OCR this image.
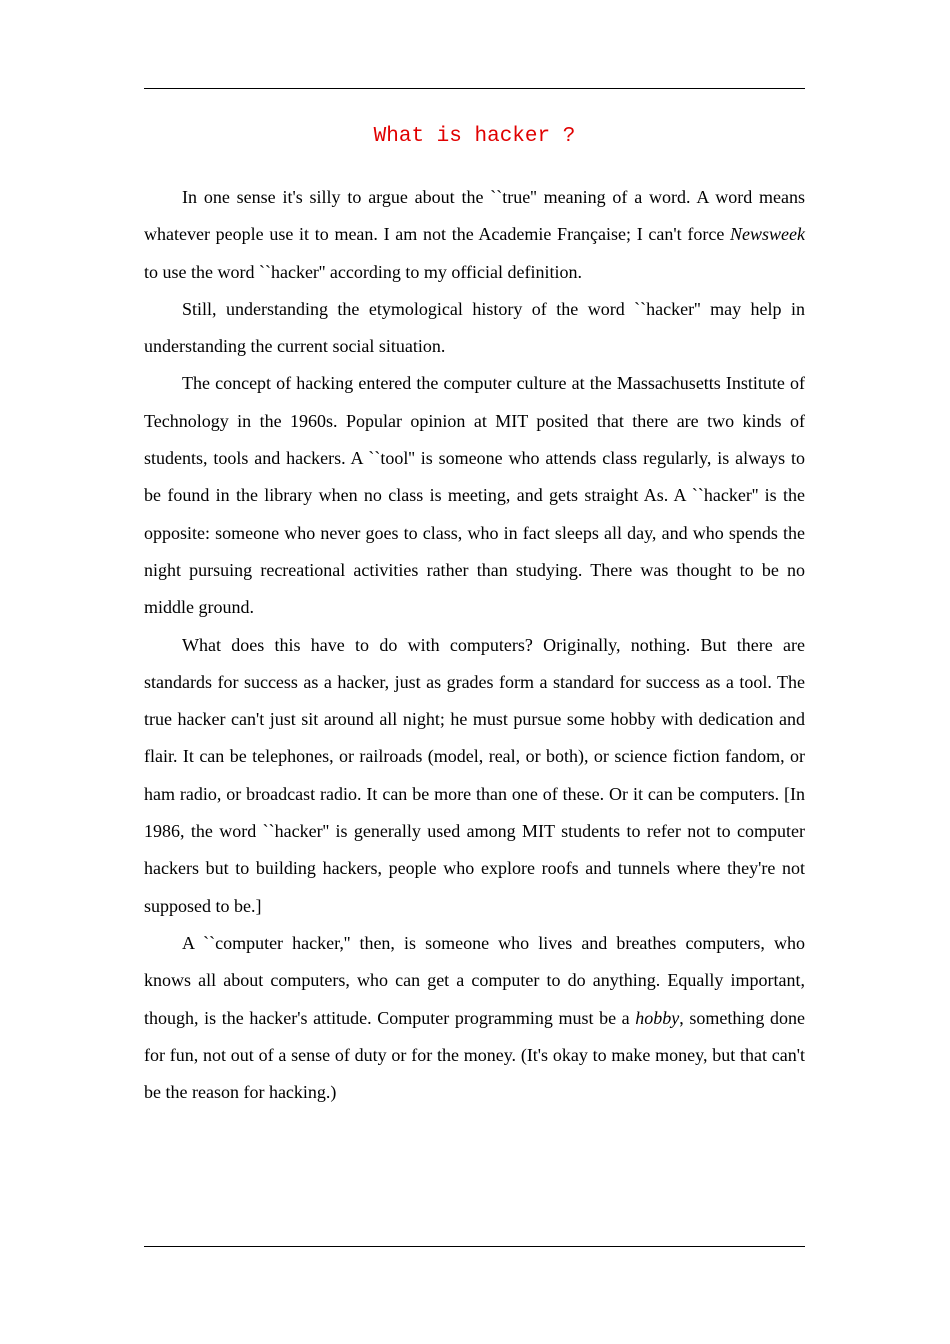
What is hacker ?

In one sense it's silly to argue about the ``true'' meaning of a word. A word means whatever people use it to mean. I am not the Academie Française; I can't force Newsweek to use the word ``hacker'' according to my official definition.

Still, understanding the etymological history of the word ``hacker'' may help in understanding the current social situation.

The concept of hacking entered the computer culture at the Massachusetts Institute of Technology in the 1960s. Popular opinion at MIT posited that there are two kinds of students, tools and hackers. A ``tool'' is someone who attends class regularly, is always to be found in the library when no class is meeting, and gets straight As. A ``hacker'' is the opposite: someone who never goes to class, who in fact sleeps all day, and who spends the night pursuing recreational activities rather than studying. There was thought to be no middle ground.

What does this have to do with computers? Originally, nothing. But there are standards for success as a hacker, just as grades form a standard for success as a tool. The true hacker can't just sit around all night; he must pursue some hobby with dedication and flair. It can be telephones, or railroads (model, real, or both), or science fiction fandom, or ham radio, or broadcast radio. It can be more than one of these. Or it can be computers. [In 1986, the word ``hacker'' is generally used among MIT students to refer not to computer hackers but to building hackers, people who explore roofs and tunnels where they're not supposed to be.]

A ``computer hacker,'' then, is someone who lives and breathes computers, who knows all about computers, who can get a computer to do anything. Equally important, though, is the hacker's attitude. Computer programming must be a hobby, something done for fun, not out of a sense of duty or for the money. (It's okay to make money, but that can't be the reason for hacking.)
